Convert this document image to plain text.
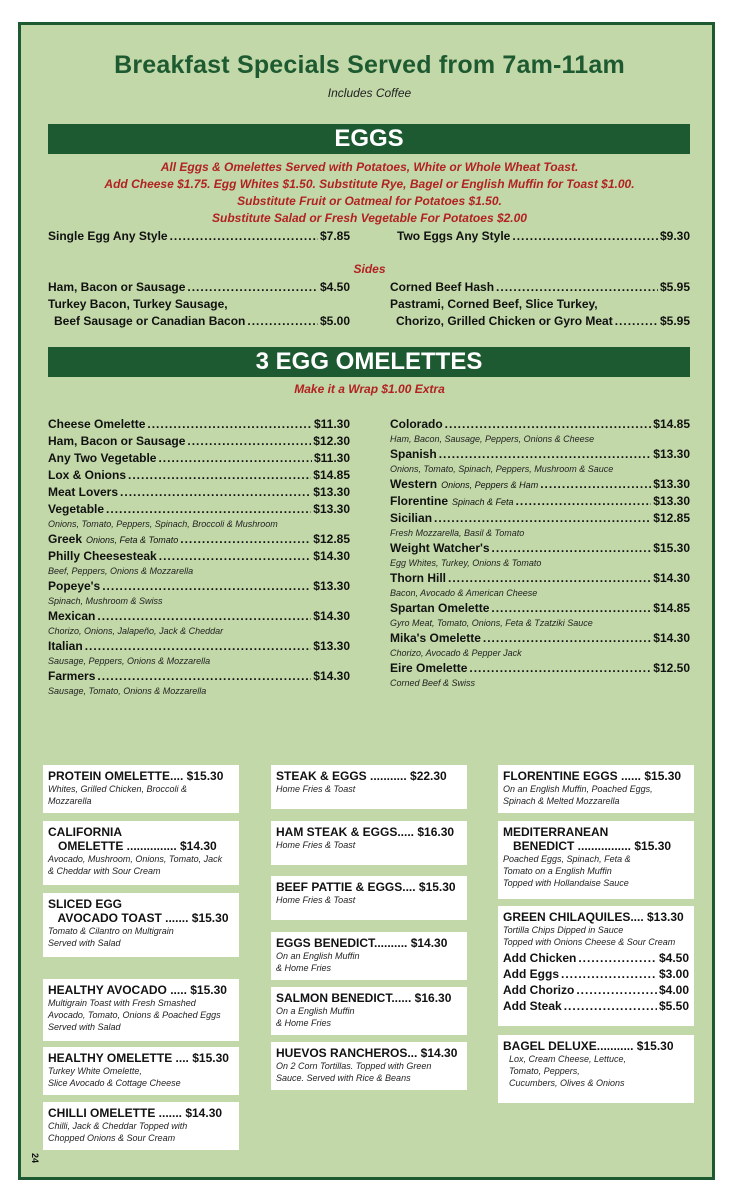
Breakfast Specials Served from 7am-11am
Includes Coffee
EGGS
All Eggs & Omelettes Served with Potatoes, White or Whole Wheat Toast.
Add Cheese $1.75. Egg Whites $1.50. Substitute Rye, Bagel or English Muffin for Toast $1.00.
Substitute Fruit or Oatmeal for Potatoes $1.50.
Substitute Salad or Fresh Vegetable For Potatoes $2.00
Single Egg Any Style .....	$7.85	Two Eggs Any Style .....	$9.30
Sides
Ham, Bacon or Sausage .....	$4.50	Corned Beef Hash .....	$5.95
Turkey Bacon, Turkey Sausage,
Beef Sausage or Canadian Bacon .....	$5.00
Pastrami, Corned Beef, Slice Turkey,
Chorizo, Grilled Chicken or Gyro Meat .....	$5.95
3 EGG OMELETTES
Make it a Wrap $1.00 Extra
Cheese Omelette .....	$11.30
Ham, Bacon or Sausage .....	$12.30
Any Two Vegetable .....	$11.30
Lox & Onions .....	$14.85
Meat Lovers .....	$13.30
Vegetable .....	$13.30
Onions, Tomato, Peppers, Spinach, Broccoli & Mushroom
Greek Onions, Feta & Tomato .....	$12.85
Philly Cheesesteak .....	$14.30
Beef, Peppers, Onions & Mozzarella
Popeye's .....	$13.30
Spinach, Mushroom & Swiss
Mexican .....	$14.30
Chorizo, Onions, Jalapeño, Jack & Cheddar
Italian .....	$13.30
Sausage, Peppers, Onions & Mozzarella
Farmers .....	$14.30
Sausage, Tomato, Onions & Mozzarella
Colorado .....	$14.85
Ham, Bacon, Sausage, Peppers, Onions & Cheese
Spanish .....	$13.30
Onions, Tomato, Spinach, Peppers, Mushroom & Sauce
Western Onions, Peppers & Ham .....	$13.30
Florentine Spinach & Feta .....	$13.30
Sicilian .....	$12.85
Fresh Mozzarella, Basil & Tomato
Weight Watcher's .....	$15.30
Egg Whites, Turkey, Onions & Tomato
Thorn Hill .....	$14.30
Bacon, Avocado & American Cheese
Spartan Omelette .....	$14.85
Gyro Meat, Tomato, Onions, Feta & Tzatziki Sauce
Mika's Omelette .....	$14.30
Chorizo, Avocado & Pepper Jack
Eire Omelette .....	$12.50
Corned Beef & Swiss
PROTEIN OMELETTE.... $15.30
Whites, Grilled Chicken, Broccoli &
Mozzarella
CALIFORNIA
OMELETTE ............... $14.30
Avocado, Mushroom, Onions, Tomato, Jack
& Cheddar with Sour Cream
SLICED EGG
AVOCADO TOAST ....... $15.30
Tomato & Cilantro on Multigrain
Served with Salad
HEALTHY AVOCADO ..... $15.30
Multigrain Toast with Fresh Smashed
Avocado, Tomato, Onions & Poached Eggs
Served with Salad
HEALTHY OMELETTE .... $15.30
Turkey White Omelette,
Slice Avocado & Cottage Cheese
CHILLI OMELETTE ....... $14.30
Chilli, Jack & Cheddar Topped with
Chopped Onions & Sour Cream
STEAK & EGGS ........... $22.30
Home Fries & Toast
HAM STEAK & EGGS..... $16.30
Home Fries & Toast
BEEF PATTIE & EGGS.... $15.30
Home Fries & Toast
EGGS BENEDICT.......... $14.30
On an English Muffin
& Home Fries
SALMON BENEDICT...... $16.30
On a English Muffin
& Home Fries
HUEVOS RANCHEROS... $14.30
On 2 Corn Tortillas. Topped with Green
Sauce. Served with Rice & Beans
FLORENTINE EGGS ...... $15.30
On an English Muffin, Poached Eggs,
Spinach & Melted Mozzarella
MEDITERRANEAN
BENEDICT ................ $15.30
Poached Eggs, Spinach, Feta &
Tomato on a English Muffin
Topped with Hollandaise Sauce
GREEN CHILAQUILES.... $13.30
Tortilla Chips Dipped in Sauce
Topped with Onions Cheese & Sour Cream
Add Chicken .....	$4.50
Add Eggs .....	$3.00
Add Chorizo .....	$4.00
Add Steak .....	$5.50
BAGEL DELUXE........... $15.30
Lox, Cream Cheese, Lettuce,
Tomato, Peppers,
Cucumbers, Olives & Onions
24
